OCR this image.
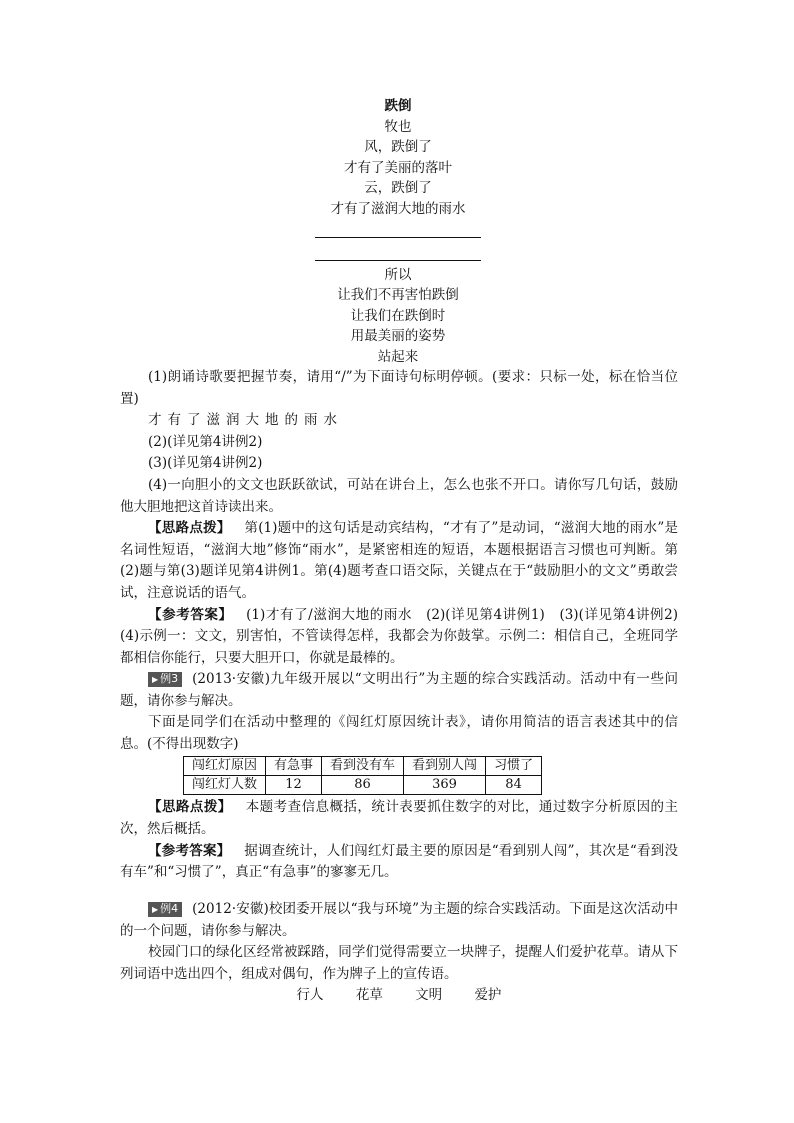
跌倒
牧也
风，跌倒了
才有了美丽的落叶
云，跌倒了
才有了滋润大地的雨水
所以
让我们不再害怕跌倒
让我们在跌倒时
用最美丽的姿势
站起来

(1)朗诵诗歌要把握节奏，请用“/”为下面诗句标明停顿。(要求：只标一处，标在恰当位置)

才有了滋润大地的雨水

(2)(详见第4讲例2)

(3)(详见第4讲例2)

(4)一向胆小的文文也跃跃欲试，可站在讲台上，怎么也张不开口。请你写几句话，鼓励他大胆地把这首诗读出来。

【思路点拨】  第(1)题中的这句话是动宾结构，“才有了”是动词，“滋润大地的雨水”是名词性短语，“滋润大地”修饰“雨水”，是紧密相连的短语，本题根据语言习惯也可判断。第(2)题与第(3)题详见第4讲例1。第(4)题考查口语交际，关键点在于“鼓励胆小的文文”勇敢尝试，注意说话的语气。

【参考答案】  (1)才有了/滋润大地的雨水　(2)(详见第4讲例1)　(3)(详见第4讲例2)　(4)示例一：文文，别害怕，不管读得怎样，我都会为你鼓掌。示例二：相信自己，全班同学都相信你能行，只要大胆开口，你就是最棒的。

▶ 例3 (2013·安徽)九年级开展以“文明出行”为主题的综合实践活动。活动中有一些问题，请你参与解决。

下面是同学们在活动中整理的《闯红灯原因统计表》，请你用简洁的语言表述其中的信息。(不得出现数字)

闯红灯原因	有急事	看到没有车	看到别人闯	习惯了
闯红灯人数	12	86	369	84

【思路点拨】  本题考查信息概括，统计表要抓住数字的对比，通过数字分析原因的主次，然后概括。

【参考答案】  据调查统计，人们闯红灯最主要的原因是“看到别人闯”，其次是“看到没有车”和“习惯了”，真正“有急事”的寥寥无几。

▶ 例4 (2012·安徽)校团委开展以“我与环境”为主题的综合实践活动。下面是这次活动中的一个问题，请你参与解决。

校园门口的绿化区经常被踩踏，同学们觉得需要立一块牌子，提醒人们爱护花草。请从下列词语中选出四个，组成对偶句，作为牌子上的宣传语。

行人 花草 文明 爱护
